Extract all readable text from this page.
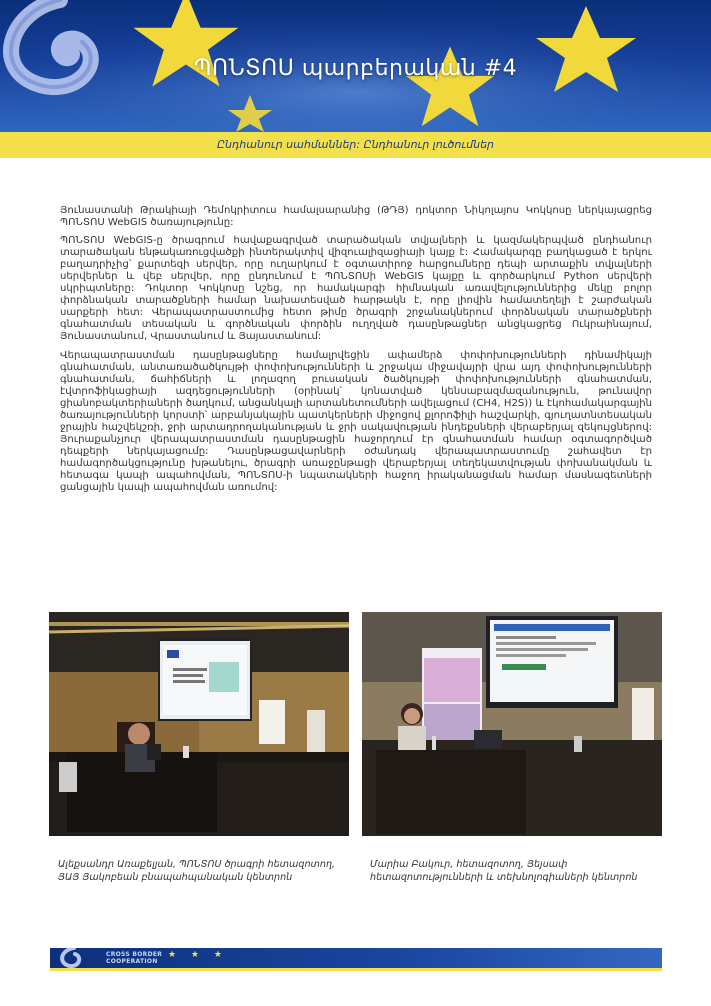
ՊՈՆՏՈՍ պարբերական #4
Ընդհանուր սահմաններ: Ընդհանուր լուծումներ

Յունաստանի Թրակիայի Դեմոկրիտուս համալսարանից (ԹԴՅ) դոկտոր Նիկոլայոս Կոկկոսը ներկայացրեց ՊՈՆՏՈՍ WebGIS ծառայությունը:

ՊՈՆՏՈՍ WebGIS-ը ծրագրում հավաքագրված տարածական տվյալների և կազմակերպված ընդհանուր տարածական ենթակառուցվածքի ինտերակտիվ վիզուալիզացիայի կայք է: Համակարգը բաղկացած է երկու բաղադրիչից՝ քարտեզի սերվեր, որը ուղարկում է օգտատիրոջ հարցումները դեպի արտաքին տվյալների սերվերներ և վեբ սերվեր, որը ընդունում է ՊՈՆՏՈՍի WebGIS կայքը և գործարկում Python սերվերի սկրիպտները: Դոկտոր Կոկկոսը նշեց, որ համակարգի հիմնական առավելություններից մեկը բոլոր փորձնական տարածքների համար նախատեսված հարթակն է, որը լիովին համատեղելի է շարժական սարքերի հետ: Վերապատրաստումից հետո թիմը ծրագրի շրջանակներում փորձնական տարածքների գնահատման տեսական և գործնական փորձին ուղղված դասընթացներ անցկացրեց Ուկրաինայում, Յունաստանում, Վրաստանում և Յայաստանում:

Վերապատրաստման դասընթացները համալրվեցին ափամերձ փոփոխությունների դինամիկայի գնահատման, անտառածածկույթի փոփոխությունների և շրջակա միջավայրի վրա այդ փոփոխությունների գնահատման, ճահիճների և լողազող բուսական ծածկույթի փոփոխությունների գնահատման, էվտրոֆիկացիայի ազդեցությունների (օրինակ՝ կոնատված կենսաբազմազանություն, թունավոր ցիանոբակտերիաների ծաղկում, անցանկալի արտանետումների ավելացում (CH4, H2S)) և էկոհամակարգային ծառայությունների կորստի՝ արբանյակային պատկերների միջոցով քլորոֆիլի հաշվարկի, գյուղատնտեսական ջրային հաշվեկշռի, ջրի արտադրողականության և ջրի սակավության ինդեքսների վերաբերյալ զեկույցներով: Յուրաքանչյուր վերապատրաստման դասընթացին հաջորդում էր գնահատման համար օգտագործված դեպքերի ներկայացումը: Դասընթացավարների օժանդակ վերապատրաստումը շահավետ էր համագործակցությունը խթանելու, ծրագրի առաջընթացի վերաբերյալ տեղեկատվության փոխանակման և հետագա կապի ապահովման, ՊՈՆՏՈՍ-ի նպատակների հաջող իրականացման համար մասնագետների ցանցային կապի ապահովման առումով:

Ալեքսանդր Առաքելյան, ՊՈՆՏՈՍ ծրագրի հետազոտող, ՅԱՅ Յակոբեան բնապահպանական կենտրոն
Մարիա Բակուր, հետազոտող, Յեյսափ հետազոտությունների և տեխնոլոգիաների կենտրոն
CROSS BORDER
COOPERATION
★ ★ ★
